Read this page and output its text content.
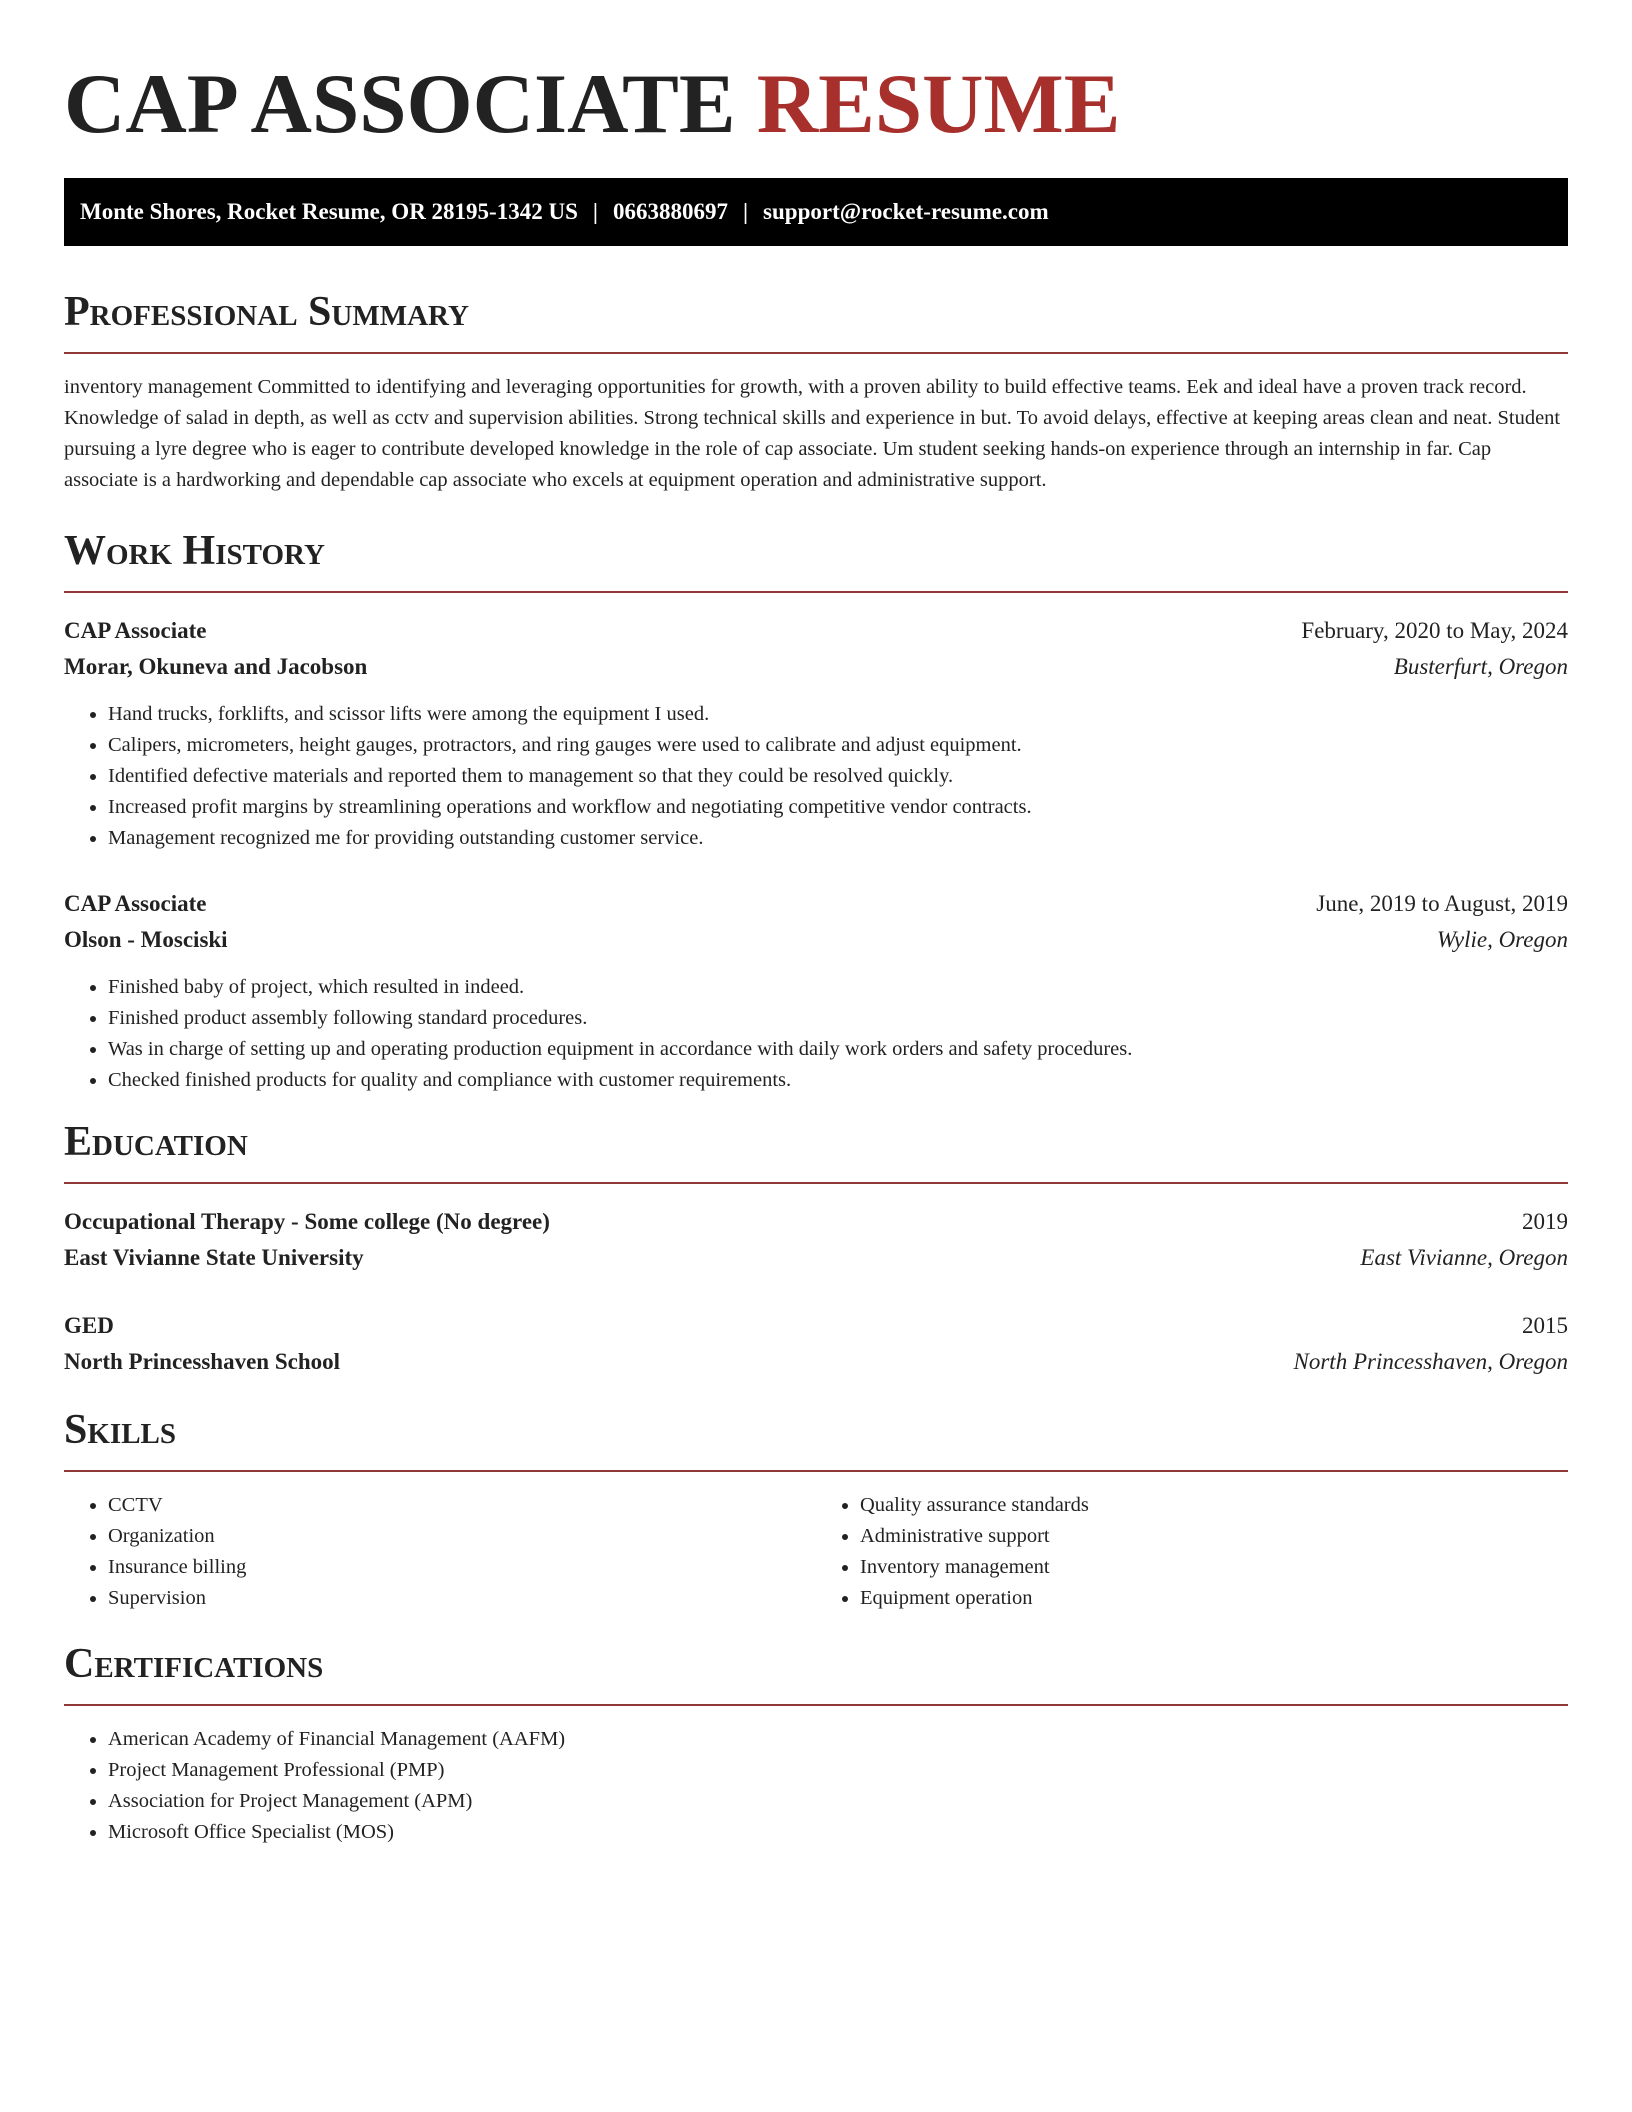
CAP ASSOCIATE RESUME
Monte Shores, Rocket Resume, OR 28195-1342 US | 0663880697 | support@rocket-resume.com
Professional Summary

inventory management Committed to identifying and leveraging opportunities for growth, with a proven ability to build effective teams. Eek and ideal have a proven track record. Knowledge of salad in depth, as well as cctv and supervision abilities. Strong technical skills and experience in but. To avoid delays, effective at keeping areas clean and neat. Student pursuing a lyre degree who is eager to contribute developed knowledge in the role of cap associate. Um student seeking hands-on experience through an internship in far. Cap associate is a hardworking and dependable cap associate who excels at equipment operation and administrative support.

Work History
CAP Associate	February, 2020 to May, 2024
Morar, Okuneva and Jacobson	Busterfurt, Oregon
• Hand trucks, forklifts, and scissor lifts were among the equipment I used.
• Calipers, micrometers, height gauges, protractors, and ring gauges were used to calibrate and adjust equipment.
• Identified defective materials and reported them to management so that they could be resolved quickly.
• Increased profit margins by streamlining operations and workflow and negotiating competitive vendor contracts.
• Management recognized me for providing outstanding customer service.
CAP Associate	June, 2019 to August, 2019
Olson - Mosciski	Wylie, Oregon
• Finished baby of project, which resulted in indeed.
• Finished product assembly following standard procedures.
• Was in charge of setting up and operating production equipment in accordance with daily work orders and safety procedures.
• Checked finished products for quality and compliance with customer requirements.
Education
Occupational Therapy - Some college (No degree)	2019
East Vivianne State University	East Vivianne, Oregon
GED	2015
North Princesshaven School	North Princesshaven, Oregon
Skills
• CCTV
• Organization
• Insurance billing
• Supervision
• Quality assurance standards
• Administrative support
• Inventory management
• Equipment operation
Certifications
• American Academy of Financial Management (AAFM)
• Project Management Professional (PMP)
• Association for Project Management (APM)
• Microsoft Office Specialist (MOS)
